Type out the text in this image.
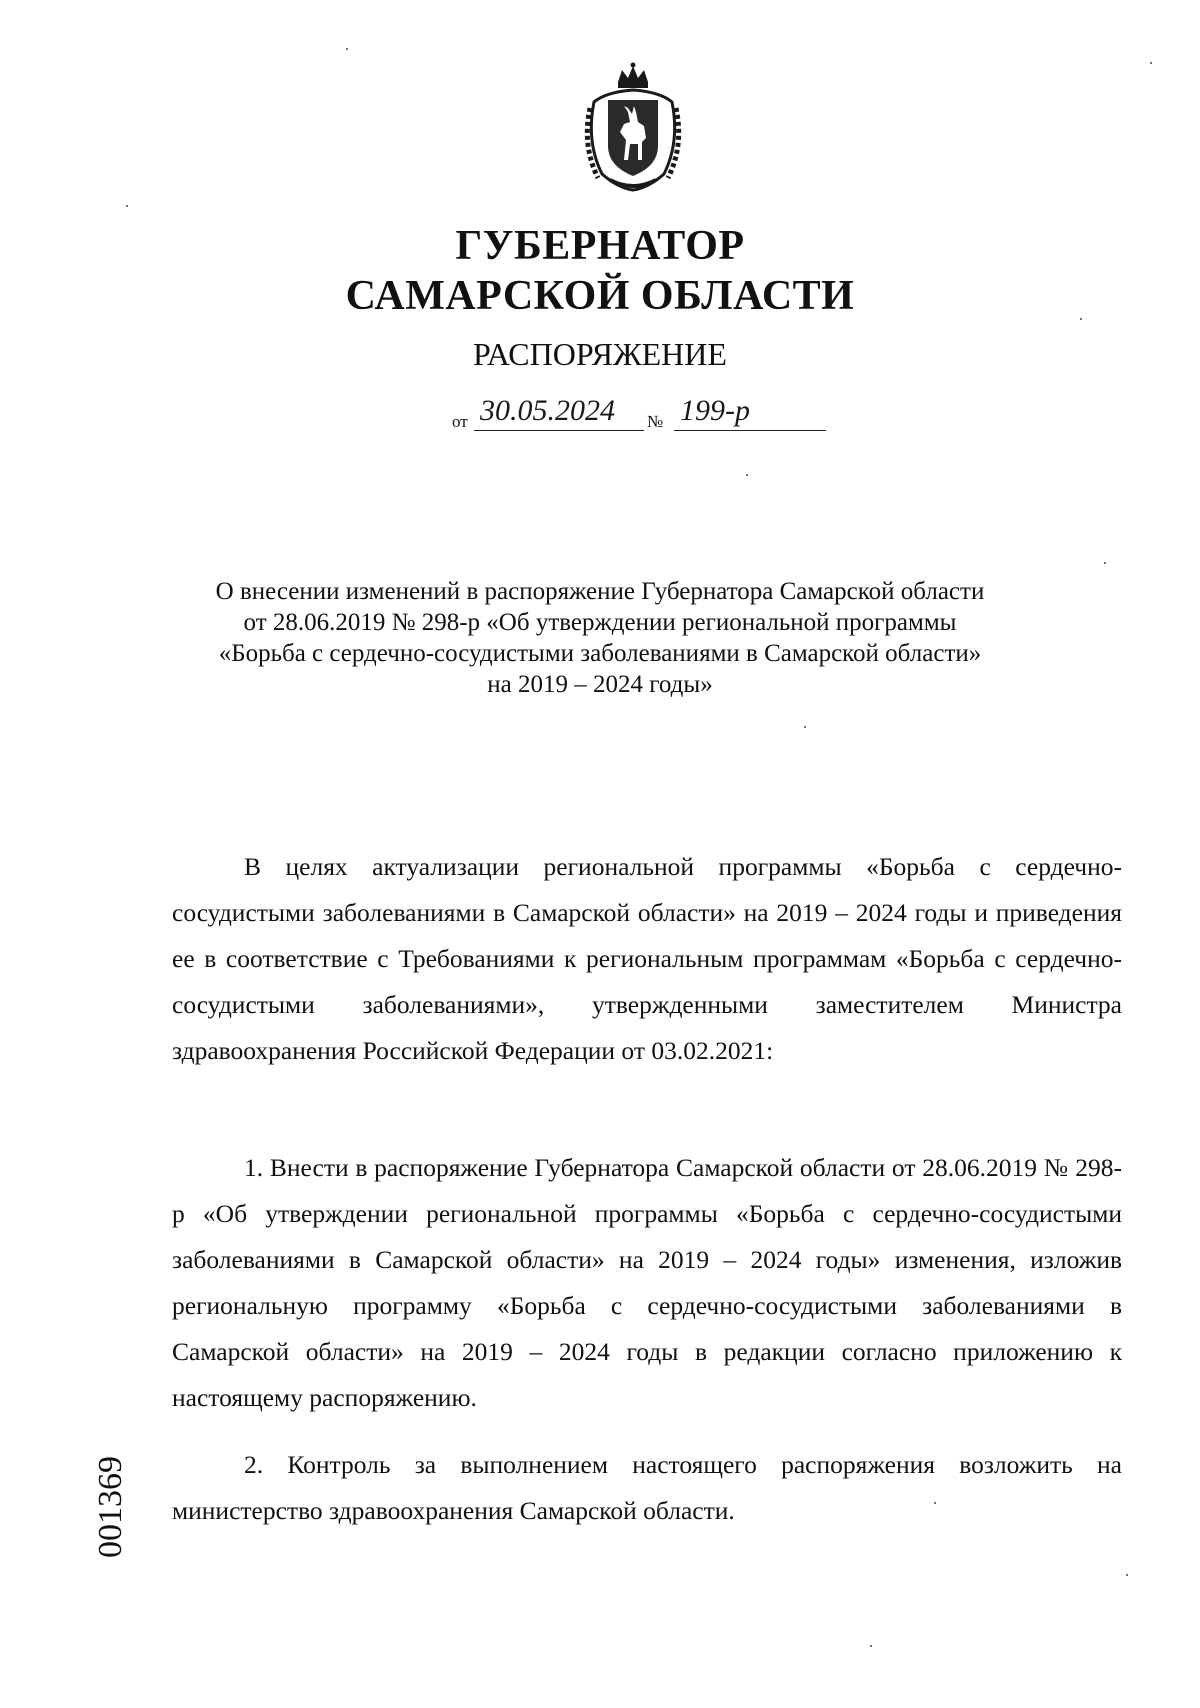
ГУБЕРНАТОР
САМАРСКОЙ ОБЛАСТИ
РАСПОРЯЖЕНИЕ
от 30.05.2024	№ 199-р
О внесении изменений в распоряжение Губернатора Самарской области
от 28.06.2019 № 298-р «Об утверждении региональной программы
«Борьба с сердечно-сосудистыми заболеваниями в Самарской области»
на 2019 – 2024 годы»

В целях актуализации региональной программы «Борьба с сердечно-сосудистыми заболеваниями в Самарской области» на 2019 – 2024 годы и приведения ее в соответствие с Требованиями к региональным программам «Борьба с сердечно-сосудистыми заболеваниями», утвержденными заместителем Министра здравоохранения Российской Федерации от 03.02.2021:

1. Внести в распоряжение Губернатора Самарской области от 28.06.2019 № 298-р «Об утверждении региональной программы «Борьба с сердечно-сосудистыми заболеваниями в Самарской области» на 2019 – 2024 годы» изменения, изложив региональную программу «Борьба с сердечно-сосудистыми заболеваниями в Самарской области» на 2019 – 2024 годы в редакции согласно приложению к настоящему распоряжению.

2. Контроль за выполнением настоящего распоряжения возложить на министерство здравоохранения Самарской области.

001369
